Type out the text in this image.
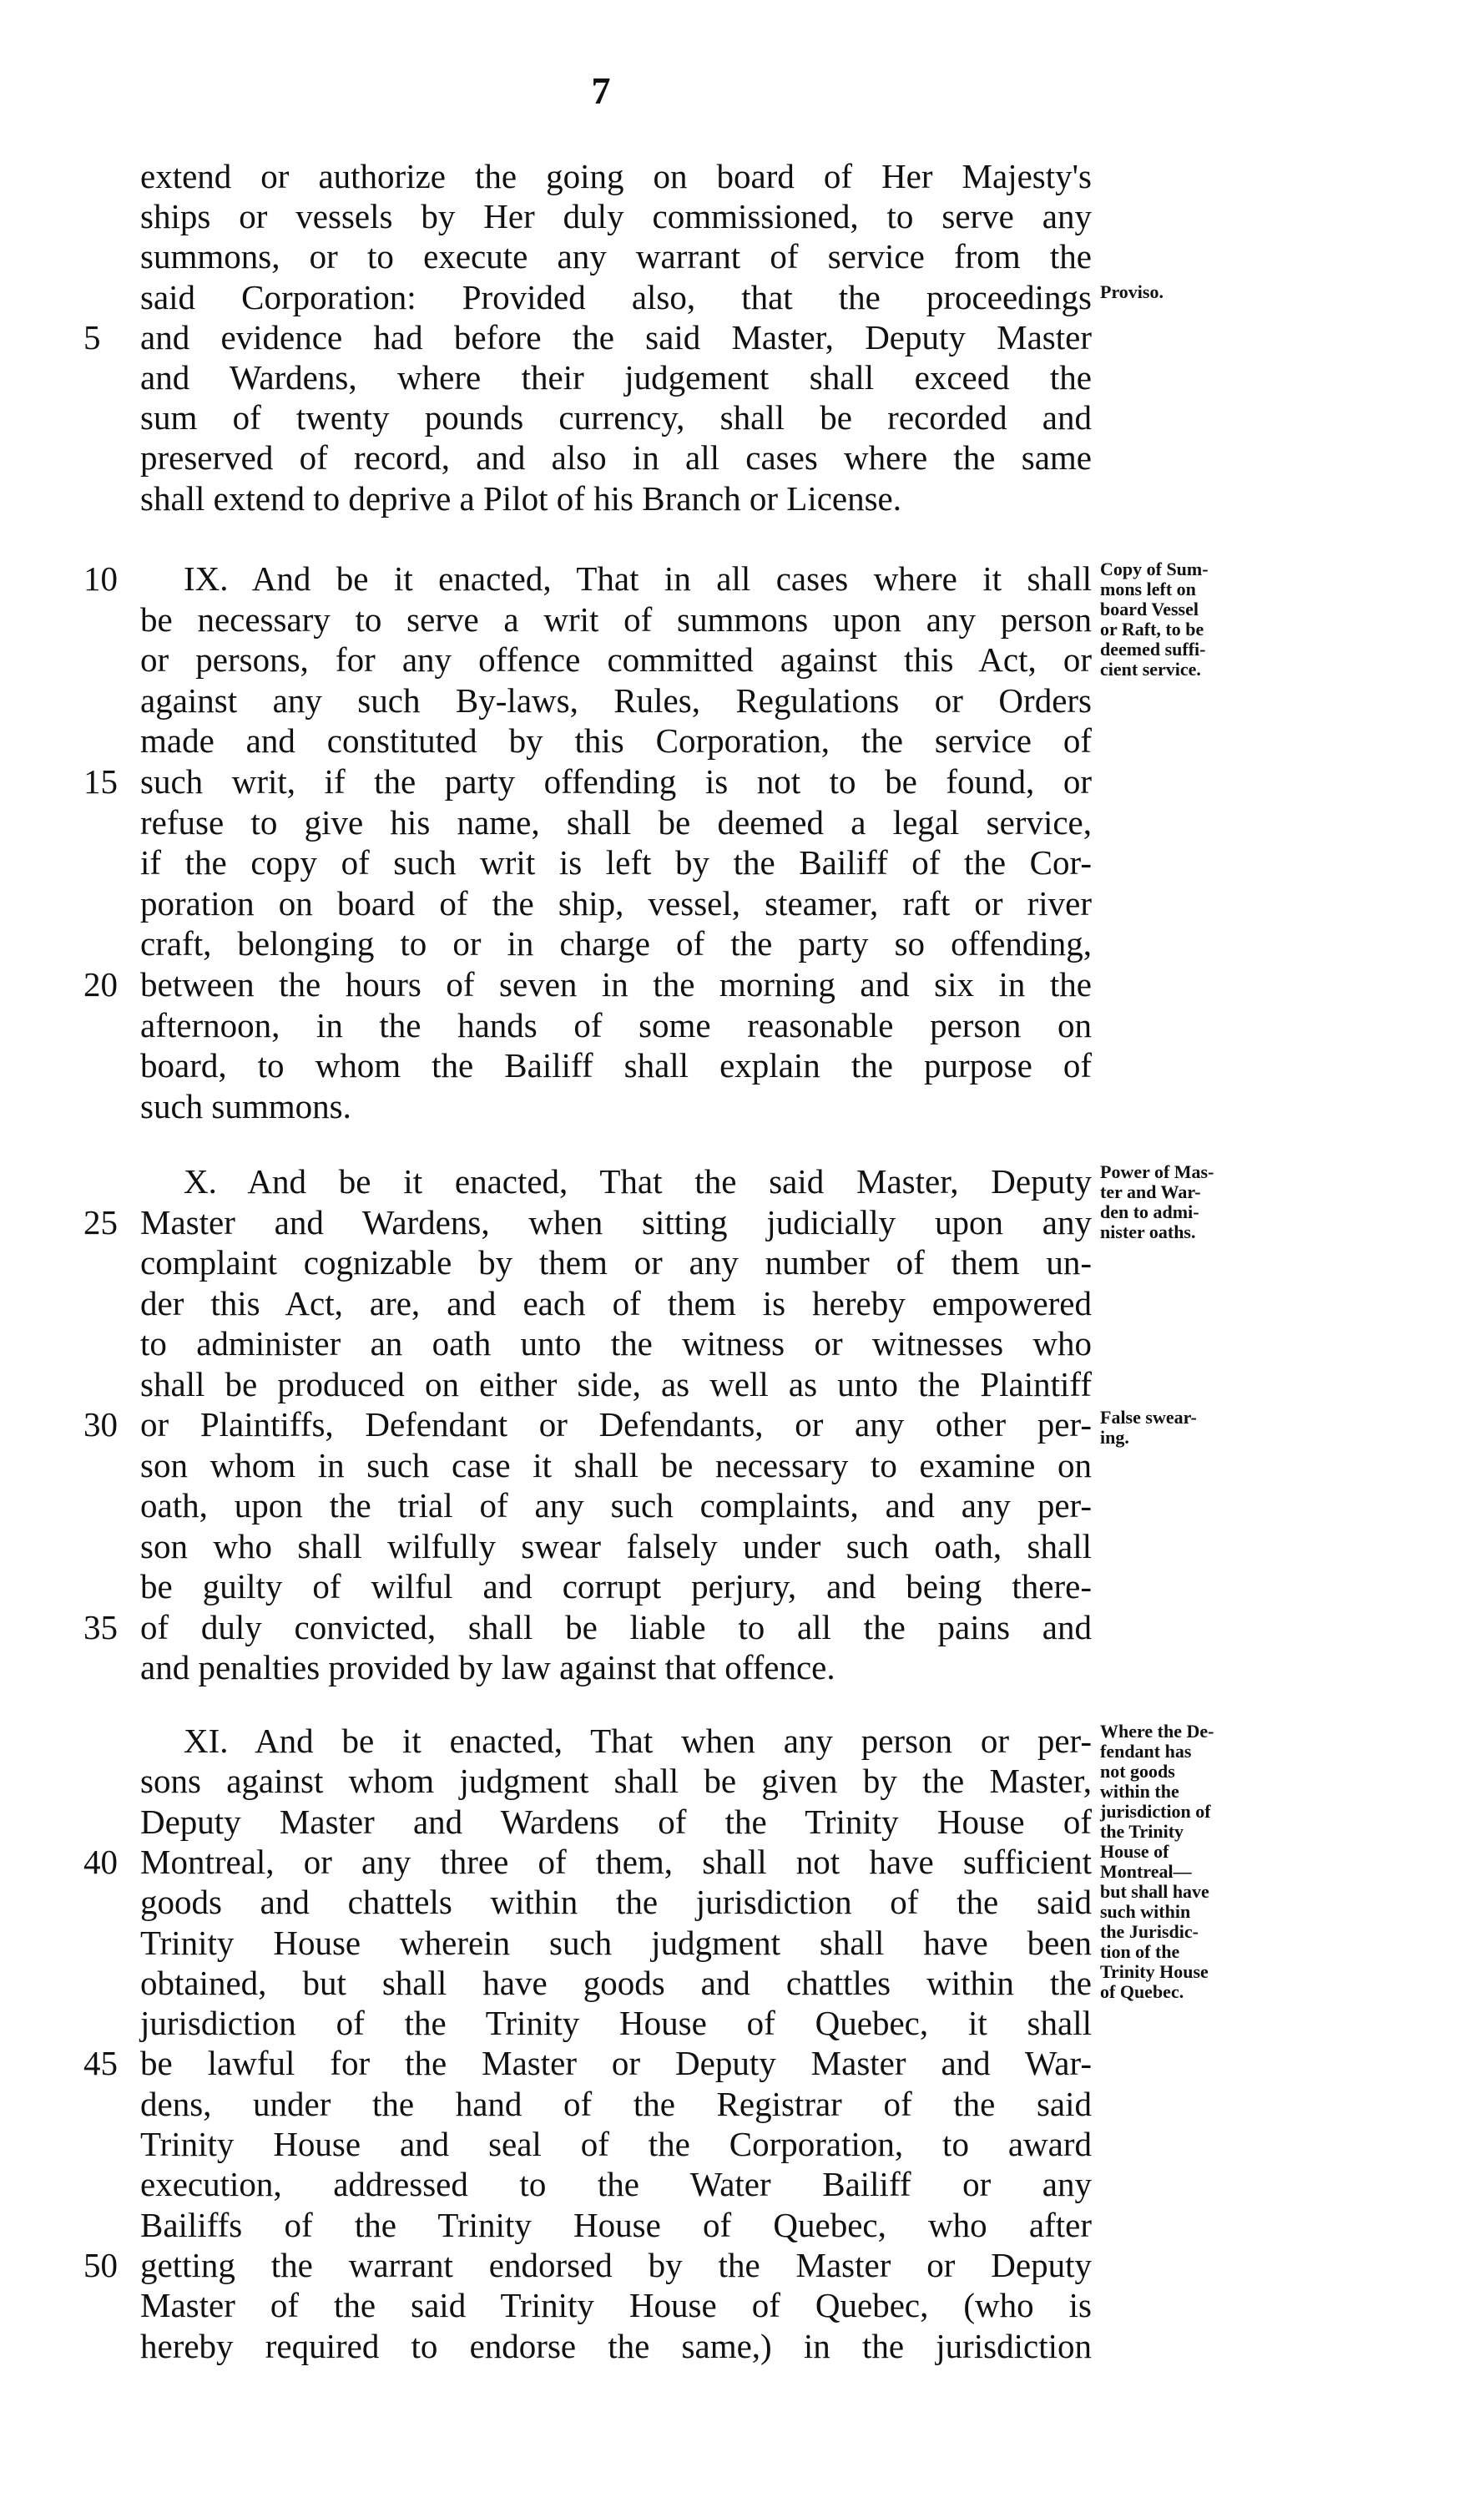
7
extend or authorize the going on board of Her Majesty's
ships or vessels by Her duly commissioned, to serve any
summons, or to execute any warrant of service from the
said Corporation: Provided also, that the proceedings
5	and evidence had before the said Master, Deputy Master
and Wardens, where their judgement shall exceed the
sum of twenty pounds currency, shall be recorded and
preserved of record, and also in all cases where the same
shall extend to deprive a Pilot of his Branch or License.
10	IX. And be it enacted, That in all cases where it shall
be necessary to serve a writ of summons upon any person
or persons, for any offence committed against this Act, or
against any such By-laws, Rules, Regulations or Orders
made and constituted by this Corporation, the service of
15 such writ, if the party offending is not to be found, or
refuse to give his name, shall be deemed a legal service,
if the copy of such writ is left by the Bailiff of the Cor-
poration on board of the ship, vessel, steamer, raft or river
craft, belonging to or in charge of the party so offending,
20 between the hours of seven in the morning and six in the
afternoon, in the hands of some reasonable person on
board, to whom the Bailiff shall explain the purpose of
such summons.
X. And be it enacted, That the said Master, Deputy
25 Master and Wardens, when sitting judicially upon any
complaint cognizable by them or any number of them un-
der this Act, are, and each of them is hereby empowered
to administer an oath unto the witness or witnesses who
shall be produced on either side, as well as unto the Plaintiff
30 or Plaintiffs, Defendant or Defendants, or any other per-
son whom in such case it shall be necessary to examine on
oath, upon the trial of any such complaints, and any per-
son who shall wilfully swear falsely under such oath, shall
be guilty of wilful and corrupt perjury, and being there-
35 of duly convicted, shall be liable to all the pains and
and penalties provided by law against that offence.
XI. And be it enacted, That when any person or per-
sons against whom judgment shall be given by the Master,
Deputy Master and Wardens of the Trinity House of
40 Montreal, or any three of them, shall not have sufficient
goods and chattels within the jurisdiction of the said
Trinity House wherein such judgment shall have been
obtained, but shall have goods and chattles within the
jurisdiction of the Trinity House of Quebec, it shall
45 be lawful for the Master or Deputy Master and War-
dens, under the hand of the Registrar of the said
Trinity House and seal of the Corporation, to award
execution, addressed to the Water Bailiff or any
Bailiffs of the Trinity House of Quebec, who after
50 getting the warrant endorsed by the Master or Deputy
Master of the said Trinity House of Quebec, (who is
hereby required to endorse the same,) in the jurisdiction
Proviso.
Copy of Sum-
mons left on
board Vessel
or Raft, to be
deemed suffi-
cient service.
Power of Mas-
ter and War-
den to admi-
nister oaths.
False swear-
ing.
Where the De-
fendant has
not goods
within the
jurisdiction of
the Trinity
House of
Montreal—
but shall have
such within
the Jurisdic-
tion of the
Trinity House
of Quebec.
